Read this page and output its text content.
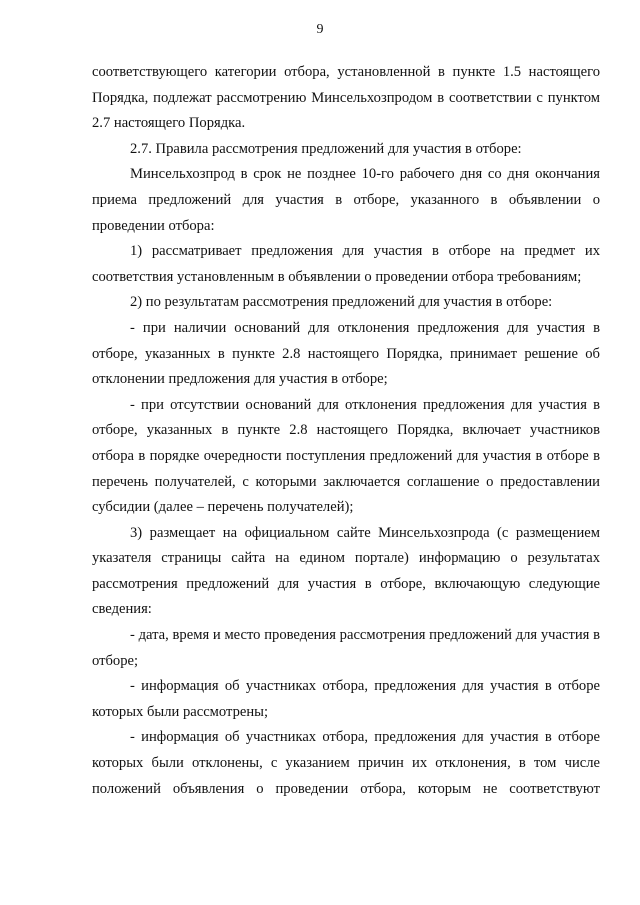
9

соответствующего категории отбора, установленной в пункте 1.5 настоящего Порядка, подлежат рассмотрению Минсельхозпродом в соответствии с пунктом 2.7 настоящего Порядка.

2.7. Правила рассмотрения предложений для участия в отборе:

Минсельхозпрод в срок не позднее 10-го рабочего дня со дня окончания приема предложений для участия в отборе, указанного в объявлении о проведении отбора:

1) рассматривает предложения для участия в отборе на предмет их соответствия установленным в объявлении о проведении отбора требованиям;

2) по результатам рассмотрения предложений для участия в отборе:

- при наличии оснований для отклонения предложения для участия в отборе, указанных в пункте 2.8 настоящего Порядка, принимает решение об отклонении предложения для участия в отборе;

- при отсутствии оснований для отклонения предложения для участия в отборе, указанных в пункте 2.8 настоящего Порядка, включает участников отбора в порядке очередности поступления предложений для участия в отборе в перечень получателей, с которыми заключается соглашение о предоставлении субсидии (далее – перечень получателей);

3) размещает на официальном сайте Минсельхозпрода (с размещением указателя страницы сайта на едином портале) информацию о результатах рассмотрения предложений для участия в отборе, включающую следующие сведения:

- дата, время и место проведения рассмотрения предложений для участия в отборе;

- информация об участниках отбора, предложения для участия в отборе которых были рассмотрены;

- информация об участниках отбора, предложения для участия в отборе которых были отклонены, с указанием причин их отклонения, в том числе положений объявления о проведении отбора, которым не соответствуют
